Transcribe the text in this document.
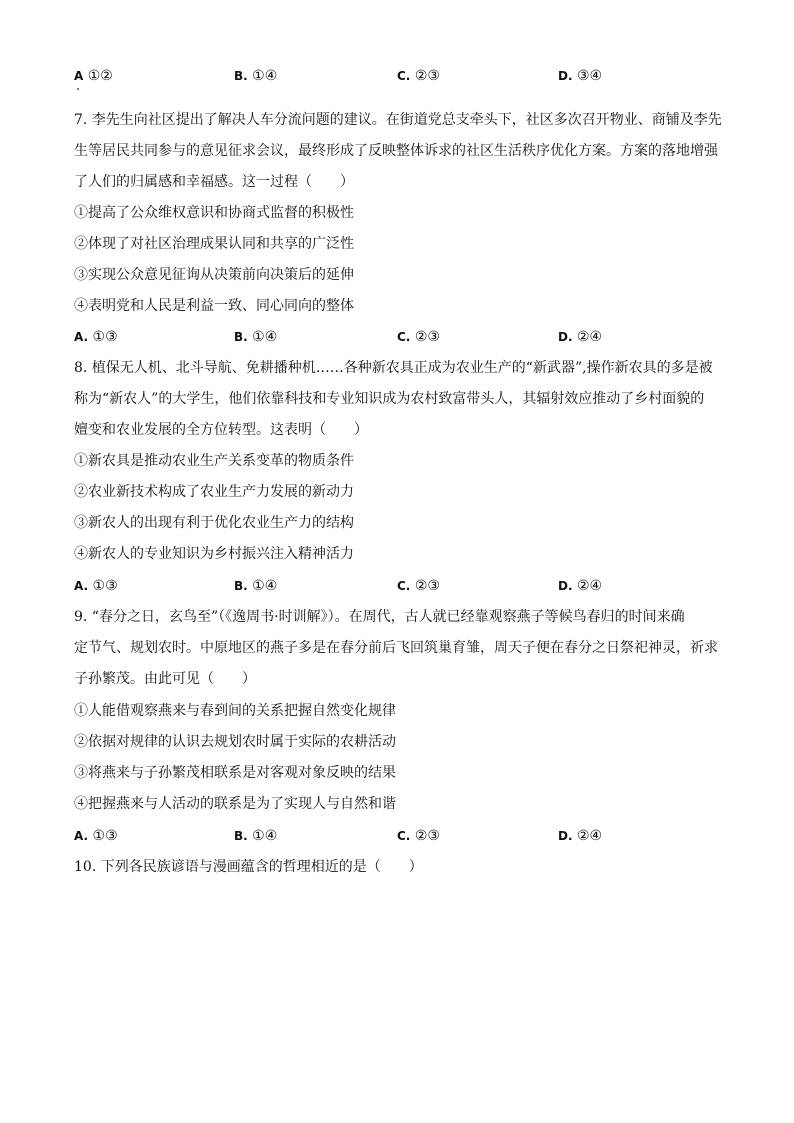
A ①②	B. ①④	C. ②③	D. ③④
7. 李先生向社区提出了解决人车分流问题的建议。在街道党总支牵头下，社区多次召开物业、商铺及李先
生等居民共同参与的意见征求会议，最终形成了反映整体诉求的社区生活秩序优化方案。方案的落地增强
了人们的归属感和幸福感。这一过程（　　）
①提高了公众维权意识和协商式监督的积极性
②体现了对社区治理成果认同和共享的广泛性
③实现公众意见征询从决策前向决策后的延伸
④表明党和人民是利益一致、同心同向的整体
A. ①③	B. ①④	C. ②③	D. ②④
8. 植保无人机、北斗导航、免耕播种机……各种新农具正成为农业生产的“新武器”,操作新农具的多是被
称为“新农人”的大学生，他们依靠科技和专业知识成为农村致富带头人，其辐射效应推动了乡村面貌的
嬗变和农业发展的全方位转型。这表明（　　）
①新农具是推动农业生产关系变革的物质条件
②农业新技术构成了农业生产力发展的新动力
③新农人的出现有利于优化农业生产力的结构
④新农人的专业知识为乡村振兴注入精神活力
A. ①③	B. ①④	C. ②③	D. ②④
9. “春分之日，玄鸟至”（《逸周书·时训解》）。在周代，古人就已经靠观察燕子等候鸟春归的时间来确
定节气、规划农时。中原地区的燕子多是在春分前后飞回筑巢育雏，周天子便在春分之日祭祀神灵，祈求
子孙繁茂。由此可见（　　）
①人能借观察燕来与春到间的关系把握自然变化规律
②依据对规律的认识去规划农时属于实际的农耕活动
③将燕来与子孙繁茂相联系是对客观对象反映的结果
④把握燕来与人活动的联系是为了实现人与自然和谐
A. ①③	B. ①④	C. ②③	D. ②④
10. 下列各民族谚语与漫画蕴含的哲理相近的是（　　）
